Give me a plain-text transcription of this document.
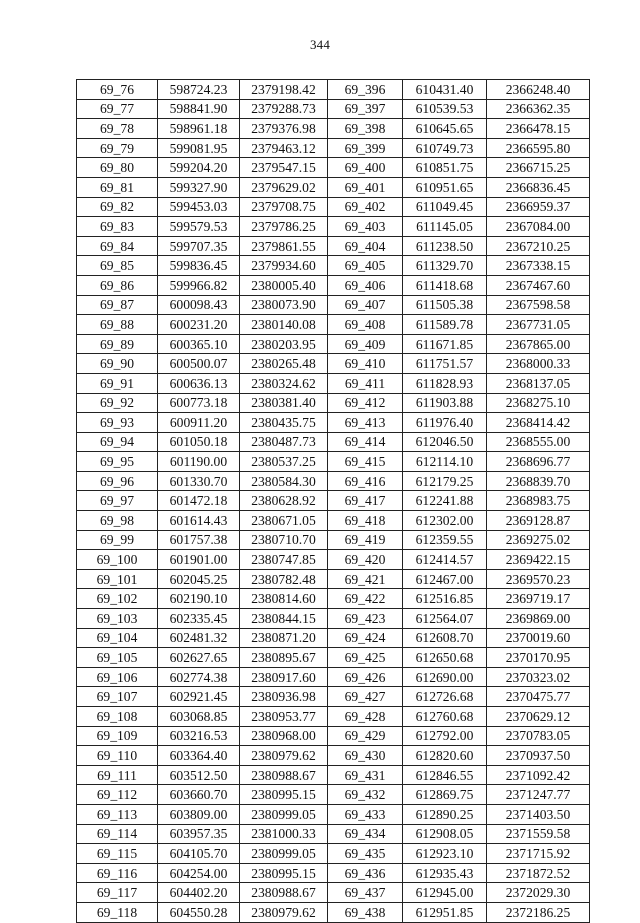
344
69_76	598724.23	2379198.42	69_396	610431.40	2366248.40
69_77	598841.90	2379288.73	69_397	610539.53	2366362.35
69_78	598961.18	2379376.98	69_398	610645.65	2366478.15
69_79	599081.95	2379463.12	69_399	610749.73	2366595.80
69_80	599204.20	2379547.15	69_400	610851.75	2366715.25
69_81	599327.90	2379629.02	69_401	610951.65	2366836.45
69_82	599453.03	2379708.75	69_402	611049.45	2366959.37
69_83	599579.53	2379786.25	69_403	611145.05	2367084.00
69_84	599707.35	2379861.55	69_404	611238.50	2367210.25
69_85	599836.45	2379934.60	69_405	611329.70	2367338.15
69_86	599966.82	2380005.40	69_406	611418.68	2367467.60
69_87	600098.43	2380073.90	69_407	611505.38	2367598.58
69_88	600231.20	2380140.08	69_408	611589.78	2367731.05
69_89	600365.10	2380203.95	69_409	611671.85	2367865.00
69_90	600500.07	2380265.48	69_410	611751.57	2368000.33
69_91	600636.13	2380324.62	69_411	611828.93	2368137.05
69_92	600773.18	2380381.40	69_412	611903.88	2368275.10
69_93	600911.20	2380435.75	69_413	611976.40	2368414.42
69_94	601050.18	2380487.73	69_414	612046.50	2368555.00
69_95	601190.00	2380537.25	69_415	612114.10	2368696.77
69_96	601330.70	2380584.30	69_416	612179.25	2368839.70
69_97	601472.18	2380628.92	69_417	612241.88	2368983.75
69_98	601614.43	2380671.05	69_418	612302.00	2369128.87
69_99	601757.38	2380710.70	69_419	612359.55	2369275.02
69_100	601901.00	2380747.85	69_420	612414.57	2369422.15
69_101	602045.25	2380782.48	69_421	612467.00	2369570.23
69_102	602190.10	2380814.60	69_422	612516.85	2369719.17
69_103	602335.45	2380844.15	69_423	612564.07	2369869.00
69_104	602481.32	2380871.20	69_424	612608.70	2370019.60
69_105	602627.65	2380895.67	69_425	612650.68	2370170.95
69_106	602774.38	2380917.60	69_426	612690.00	2370323.02
69_107	602921.45	2380936.98	69_427	612726.68	2370475.77
69_108	603068.85	2380953.77	69_428	612760.68	2370629.12
69_109	603216.53	2380968.00	69_429	612792.00	2370783.05
69_110	603364.40	2380979.62	69_430	612820.60	2370937.50
69_111	603512.50	2380988.67	69_431	612846.55	2371092.42
69_112	603660.70	2380995.15	69_432	612869.75	2371247.77
69_113	603809.00	2380999.05	69_433	612890.25	2371403.50
69_114	603957.35	2381000.33	69_434	612908.05	2371559.58
69_115	604105.70	2380999.05	69_435	612923.10	2371715.92
69_116	604254.00	2380995.15	69_436	612935.43	2371872.52
69_117	604402.20	2380988.67	69_437	612945.00	2372029.30
69_118	604550.28	2380979.62	69_438	612951.85	2372186.25
